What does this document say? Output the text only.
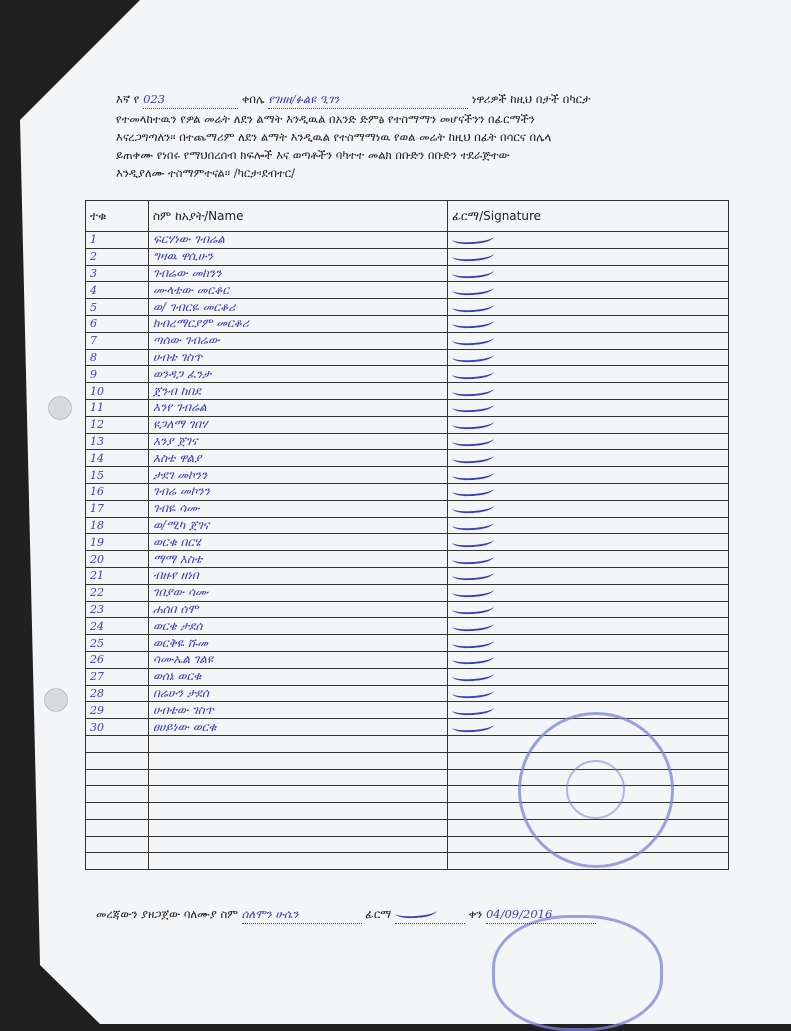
እኛ የ 023	ቀበሌ የገዘዘ/ፉልዩ ዒገን	ነዋሪዎች ከዚህ በታች በካርታ
የተመላከተዉን የዎል መሬት ለደን ልማት እንዲዉል በአንድ ድምፅ የተስማማን መሆናችንን በፊርማችን
እናረጋግጣለን፡፡ በተጨማሪም ለደን ልማት እንዲዉል የተስማማነዉ የወል መሬት ከዚህ በፊት በሳርና በሌላ
ይጠቀሙ የነበሩ የማህበረሰብ ክፍሎች እና ወጣቶችን ባካተተ መልክ በቡድን በቡድን ተደራጅተው
እንዲያለሙ ተስማምተናል፡፡ /ካርታ፡ደብተር/
ተቁ	ስም ከአያት/Name	ፊርማ/Signature
1	ፍርሃነው ገብሬል	
2	ግዛዉ ዋሲሁን	
3	ገብሬው መከንን	
4	ሙላቴው መርቆር	
5	ወ/ ገብርዬ መርቆሪ	
6	ክብረማርያም መርቆሪ	
7	ጣሰው ገብሬው	
8	ሀብቴ ገስጥ	
9	ወንዳጋ ፈንታ	
10	ጀንብ ከበደ	
11	እንየ ገብሬል	
12	ዩጋለማ ገበሃ	
13	እንያ ጀገና	
14	እስቴ ዋልያ	
15	ታደገ መኮንን	
16	ገብሬ መኮንን	
17	ገብዬ ሳሙ	
18	ወ/ሚካ ጀገና	
19	ወርቁ በርሄ	
20	ማማ እስቴ	
21	ብዙየ ዘነበ	
22	ገበያው ሳሙ	
23	ሐሰበ ሰሞ	
24	ወርቄ ታደሰ	
25	ወርቅዬ ሹመ	
26	ሳሙኤል ገልዩ	
27	ወሰኔ ወርቁ	
28	በሬሁን ታደሰ	
29	ሀብቴው ገስጥ	
30	ፀሀይነው ወርቁ	

መረጃውን ያዘጋጀው ባለሙያ ስም ሰለሞን ሁሴን	ፊርማ	ቀን 04/09/2016
